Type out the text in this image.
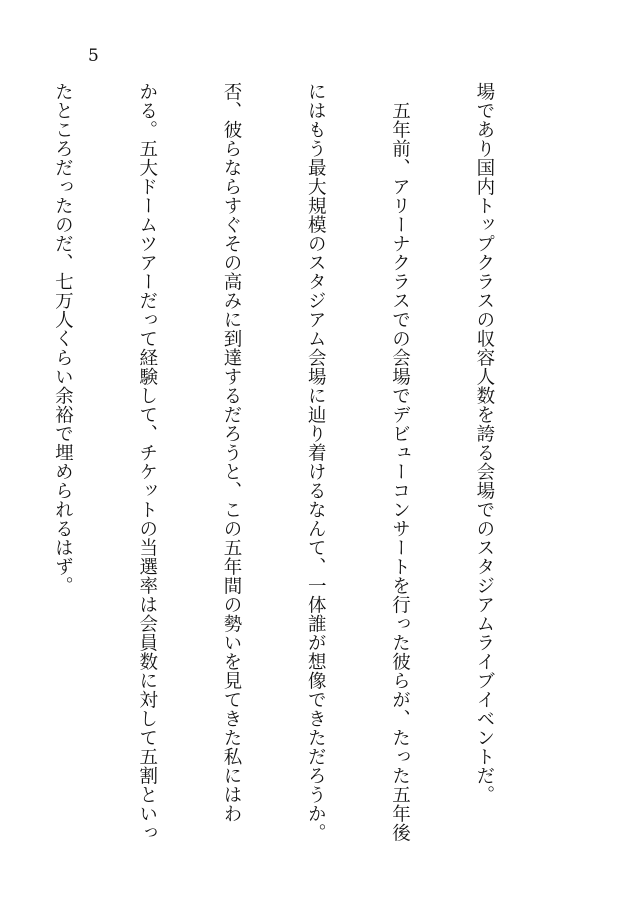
5

場であり国内トップクラスの収容人数を誇る会場でのスタジアムライブイベントだ。

　五年前、アリーナクラスでの会場でデビューコンサートを行った彼らが、たった五年後

にはもう最大規模のスタジアム会場に辿り着けるなんて、一体誰が想像できただろうか。

否、彼らならすぐその高みに到達するだろうと、この五年間の勢いを見てきた私にはわ

かる。五大ドームツアーだって経験して、チケットの当選率は会員数に対して五割といっ

たところだったのだ、七万人くらい余裕で埋められるはず。
